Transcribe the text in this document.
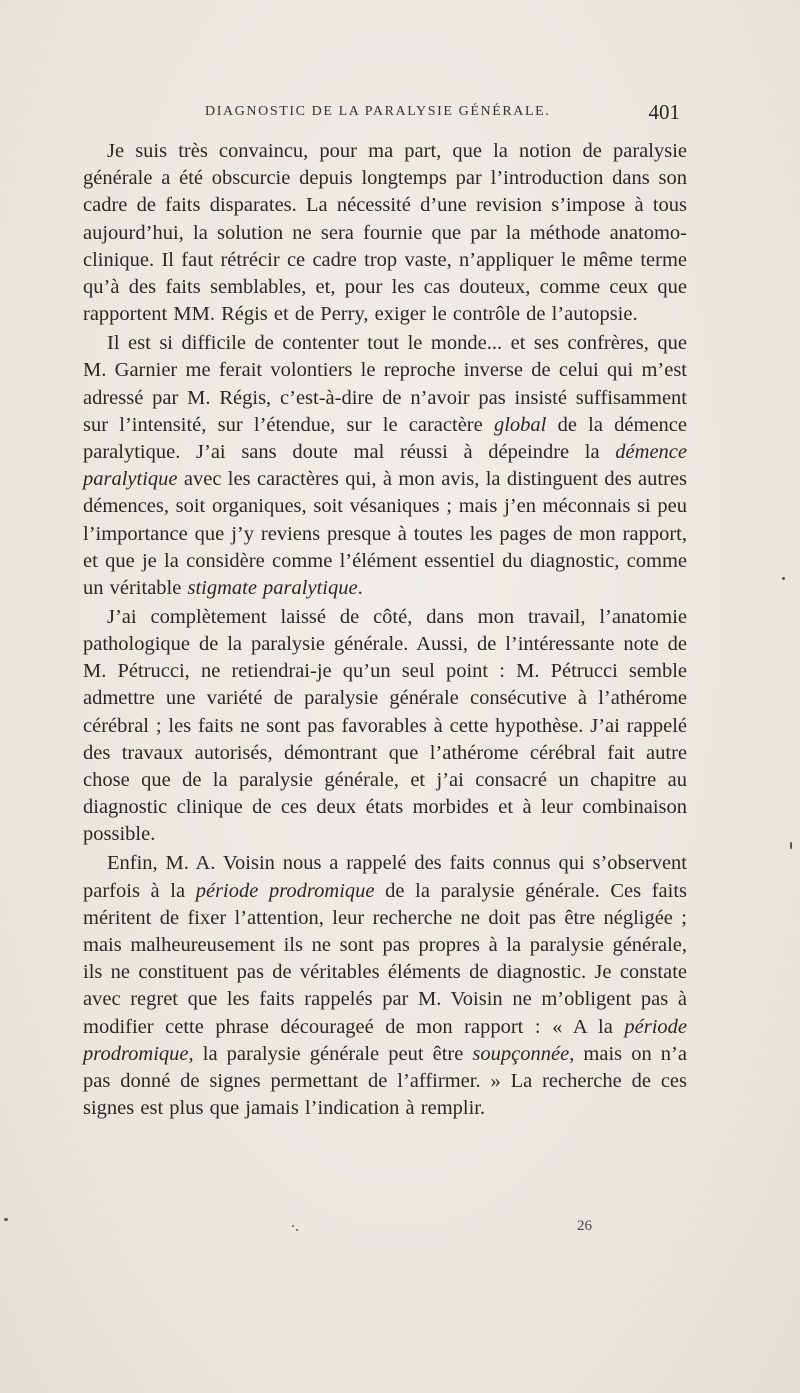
DIAGNOSTIC DE LA PARALYSIE GÉNÉRALE.	401

Je suis très convaincu, pour ma part, que la notion de paralysie générale a été obscurcie depuis longtemps par l’introduction dans son cadre de faits disparates. La nécessité d’une revision s’impose à tous aujourd’hui, la solution ne sera fournie que par la méthode anatomo-clinique. Il faut rétrécir ce cadre trop vaste, n’appliquer le même terme qu’à des faits semblables, et, pour les cas douteux, comme ceux que rapportent MM. Régis et de Perry, exiger le contrôle de l’autopsie.

Il est si difficile de contenter tout le monde... et ses confrères, que M. Garnier me ferait volontiers le reproche inverse de celui qui m’est adressé par M. Régis, c’est-à-dire de n’avoir pas insisté suffisamment sur l’intensité, sur l’étendue, sur le caractère global de la démence paralytique. J’ai sans doute mal réussi à dépeindre la démence paralytique avec les caractères qui, à mon avis, la distinguent des autres démences, soit organiques, soit vésaniques ; mais j’en méconnais si peu l’importance que j’y reviens presque à toutes les pages de mon rapport, et que je la considère comme l’élément essentiel du diagnostic, comme un véritable stigmate paralytique.

J’ai complètement laissé de côté, dans mon travail, l’anatomie pathologique de la paralysie générale. Aussi, de l’intéressante note de M. Pétrucci, ne retiendrai-je qu’un seul point : M. Pétrucci semble admettre une variété de paralysie générale consécutive à l’athérome cérébral ; les faits ne sont pas favorables à cette hypothèse. J’ai rappelé des travaux autorisés, démontrant que l’athérome cérébral fait autre chose que de la paralysie générale, et j’ai consacré un chapitre au diagnostic clinique de ces deux états morbides et à leur combinaison possible.

Enfin, M. A. Voisin nous a rappelé des faits connus qui s’observent parfois à la période prodromique de la paralysie générale. Ces faits méritent de fixer l’attention, leur recherche ne doit pas être négligée ; mais malheureusement ils ne sont pas propres à la paralysie générale, ils ne constituent pas de véritables éléments de diagnostic. Je constate avec regret que les faits rappelés par M. Voisin ne m’obligent pas à modifier cette phrase décourageé de mon rapport : « A la période prodromique, la paralysie générale peut être soupçonnée, mais on n’a pas donné de signes permettant de l’affirmer. » La recherche de ces signes est plus que jamais l’indication à remplir.

26
